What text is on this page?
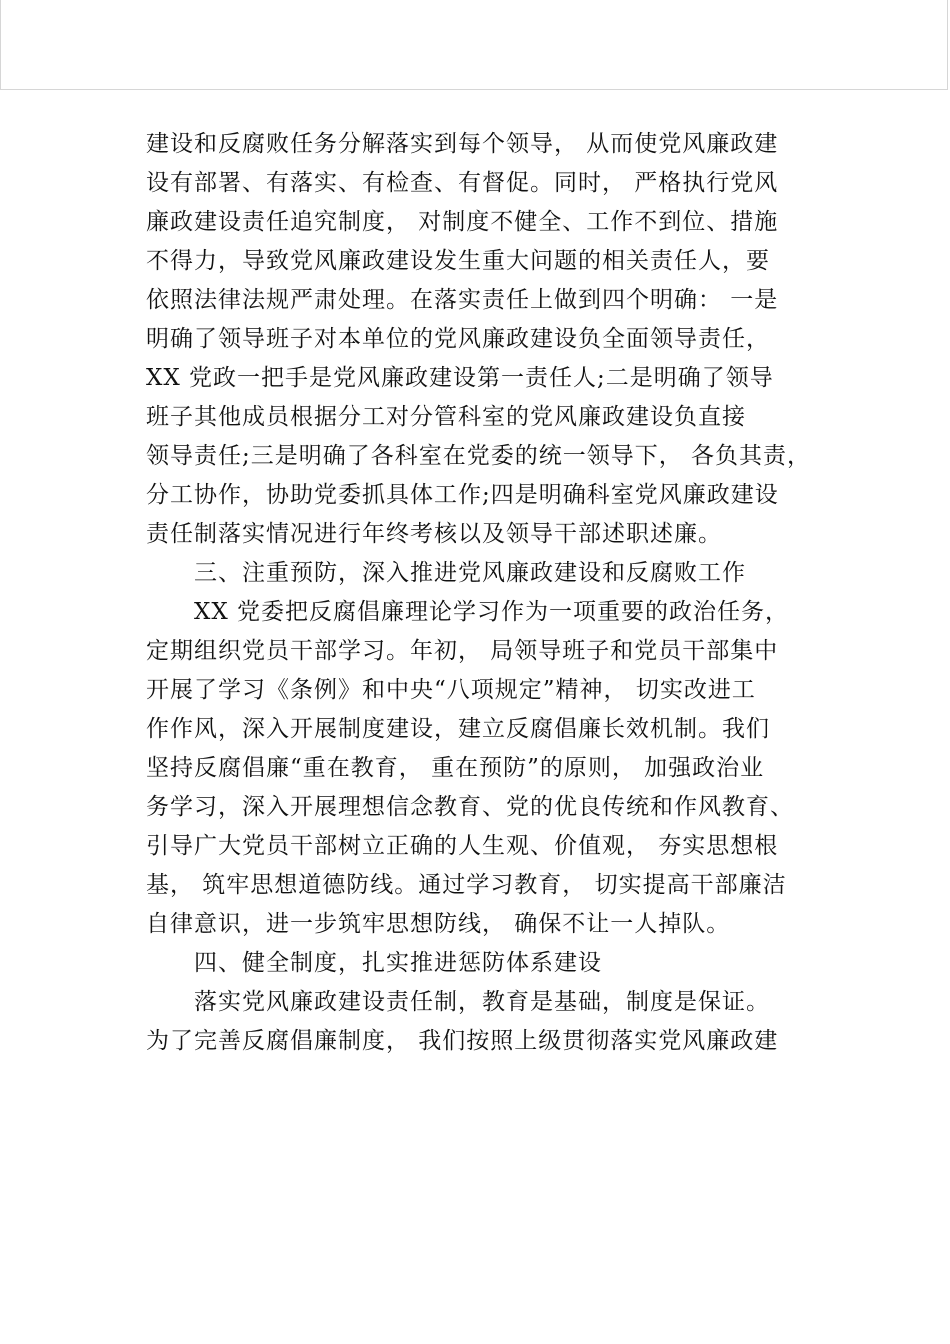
建设和反腐败任务分解落实到每个领导， 从而使党风廉政建
设有部署、有落实、有检查、有督促。同时， 严格执行党风
廉政建设责任追究制度， 对制度不健全、工作不到位、措施
不得力，导致党风廉政建设发生重大问题的相关责任人，要
依照法律法规严肃处理。在落实责任上做到四个明确： 一是
明确了领导班子对本单位的党风廉政建设负全面领导责任，
XX 党政一把手是党风廉政建设第一责任人;二是明确了领导
班子其他成员根据分工对分管科室的党风廉政建设负直接
领导责任;三是明确了各科室在党委的统一领导下， 各负其责，
分工协作，协助党委抓具体工作;四是明确科室党风廉政建设
责任制落实情况进行年终考核以及领导干部述职述廉。
三、注重预防，深入推进党风廉政建设和反腐败工作
XX 党委把反腐倡廉理论学习作为一项重要的政治任务，
定期组织党员干部学习。年初， 局领导班子和党员干部集中
开展了学习《条例》和中央“八项规定”精神， 切实改进工
作作风，深入开展制度建设，建立反腐倡廉长效机制。我们
坚持反腐倡廉“重在教育， 重在预防”的原则， 加强政治业
务学习，深入开展理想信念教育、党的优良传统和作风教育、
引导广大党员干部树立正确的人生观、价值观， 夯实思想根
基， 筑牢思想道德防线。通过学习教育， 切实提高干部廉洁
自律意识，进一步筑牢思想防线， 确保不让一人掉队。
四、健全制度，扎实推进惩防体系建设
落实党风廉政建设责任制，教育是基础，制度是保证。
为了完善反腐倡廉制度， 我们按照上级贯彻落实党风廉政建
